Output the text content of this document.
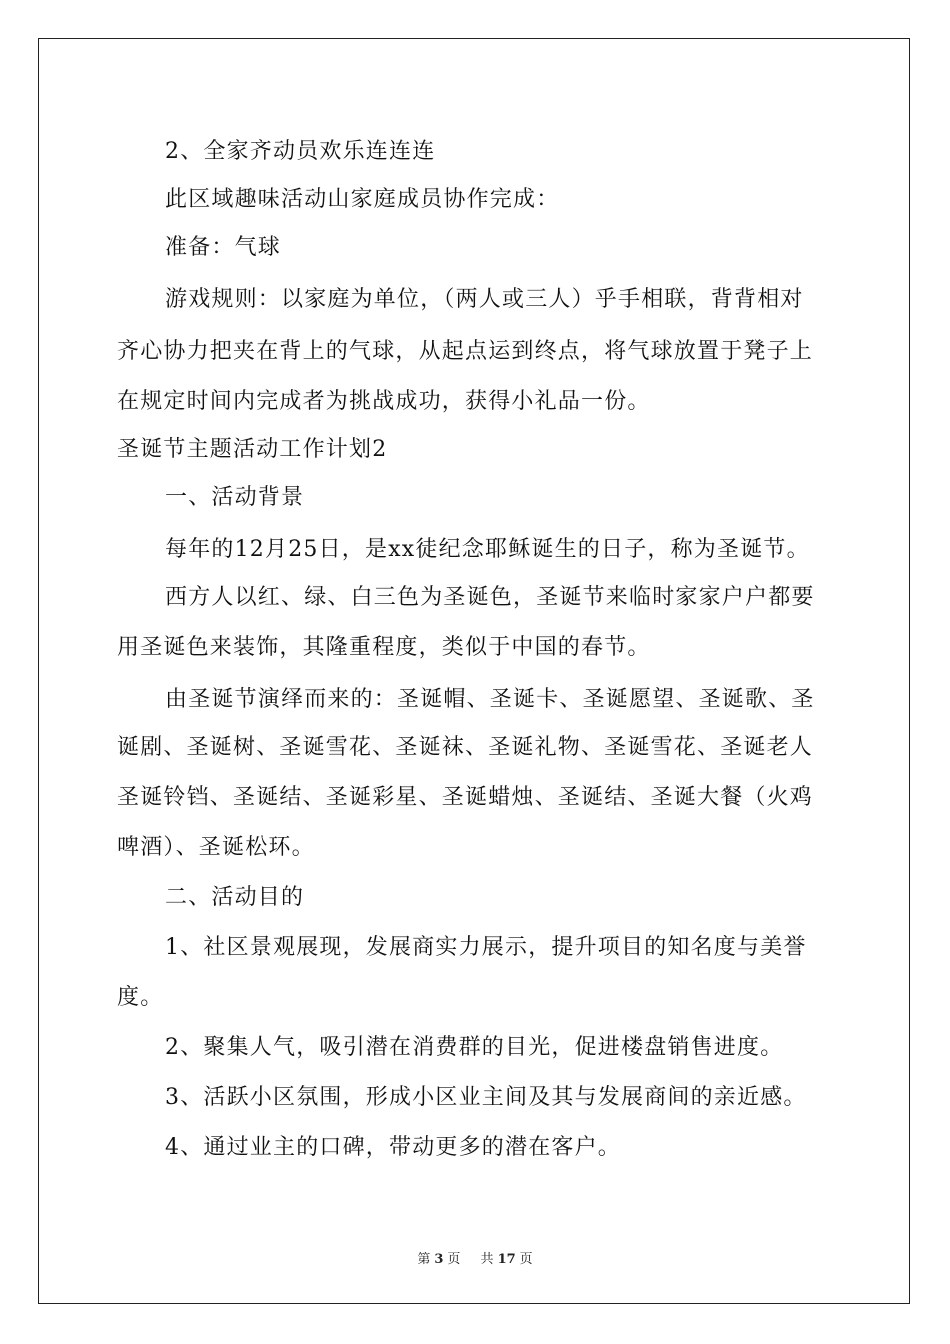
2、全家齐动员欢乐连连连
此区域趣味活动山家庭成员协作完成：
准备：气球
游戏规则：以家庭为单位，（两人或三人）乎手相联，背背相对
齐心协力把夹在背上的气球，从起点运到终点，将气球放置于凳子上
在规定时间内完成者为挑战成功，获得小礼品一份。
圣诞节主题活动工作计划2
一、活动背景
每年的12月25日，是xx徒纪念耶稣诞生的日子，称为圣诞节。
西方人以红、绿、白三色为圣诞色，圣诞节来临时家家户户都要
用圣诞色来装饰，其隆重程度，类似于中国的春节。
由圣诞节演绎而来的：圣诞帽、圣诞卡、圣诞愿望、圣诞歌、圣
诞剧、圣诞树、圣诞雪花、圣诞袜、圣诞礼物、圣诞雪花、圣诞老人
圣诞铃铛、圣诞结、圣诞彩星、圣诞蜡烛、圣诞结、圣诞大餐（火鸡
啤酒）、圣诞松环。
二、活动目的
1、社区景观展现，发展商实力展示，提升项目的知名度与美誉
度。
2、聚集人气，吸引潜在消费群的目光，促进楼盘销售进度。
3、活跃小区氛围，形成小区业主间及其与发展商间的亲近感。
4、通过业主的口碑，带动更多的潜在客户。
第 3 页 共 17 页
